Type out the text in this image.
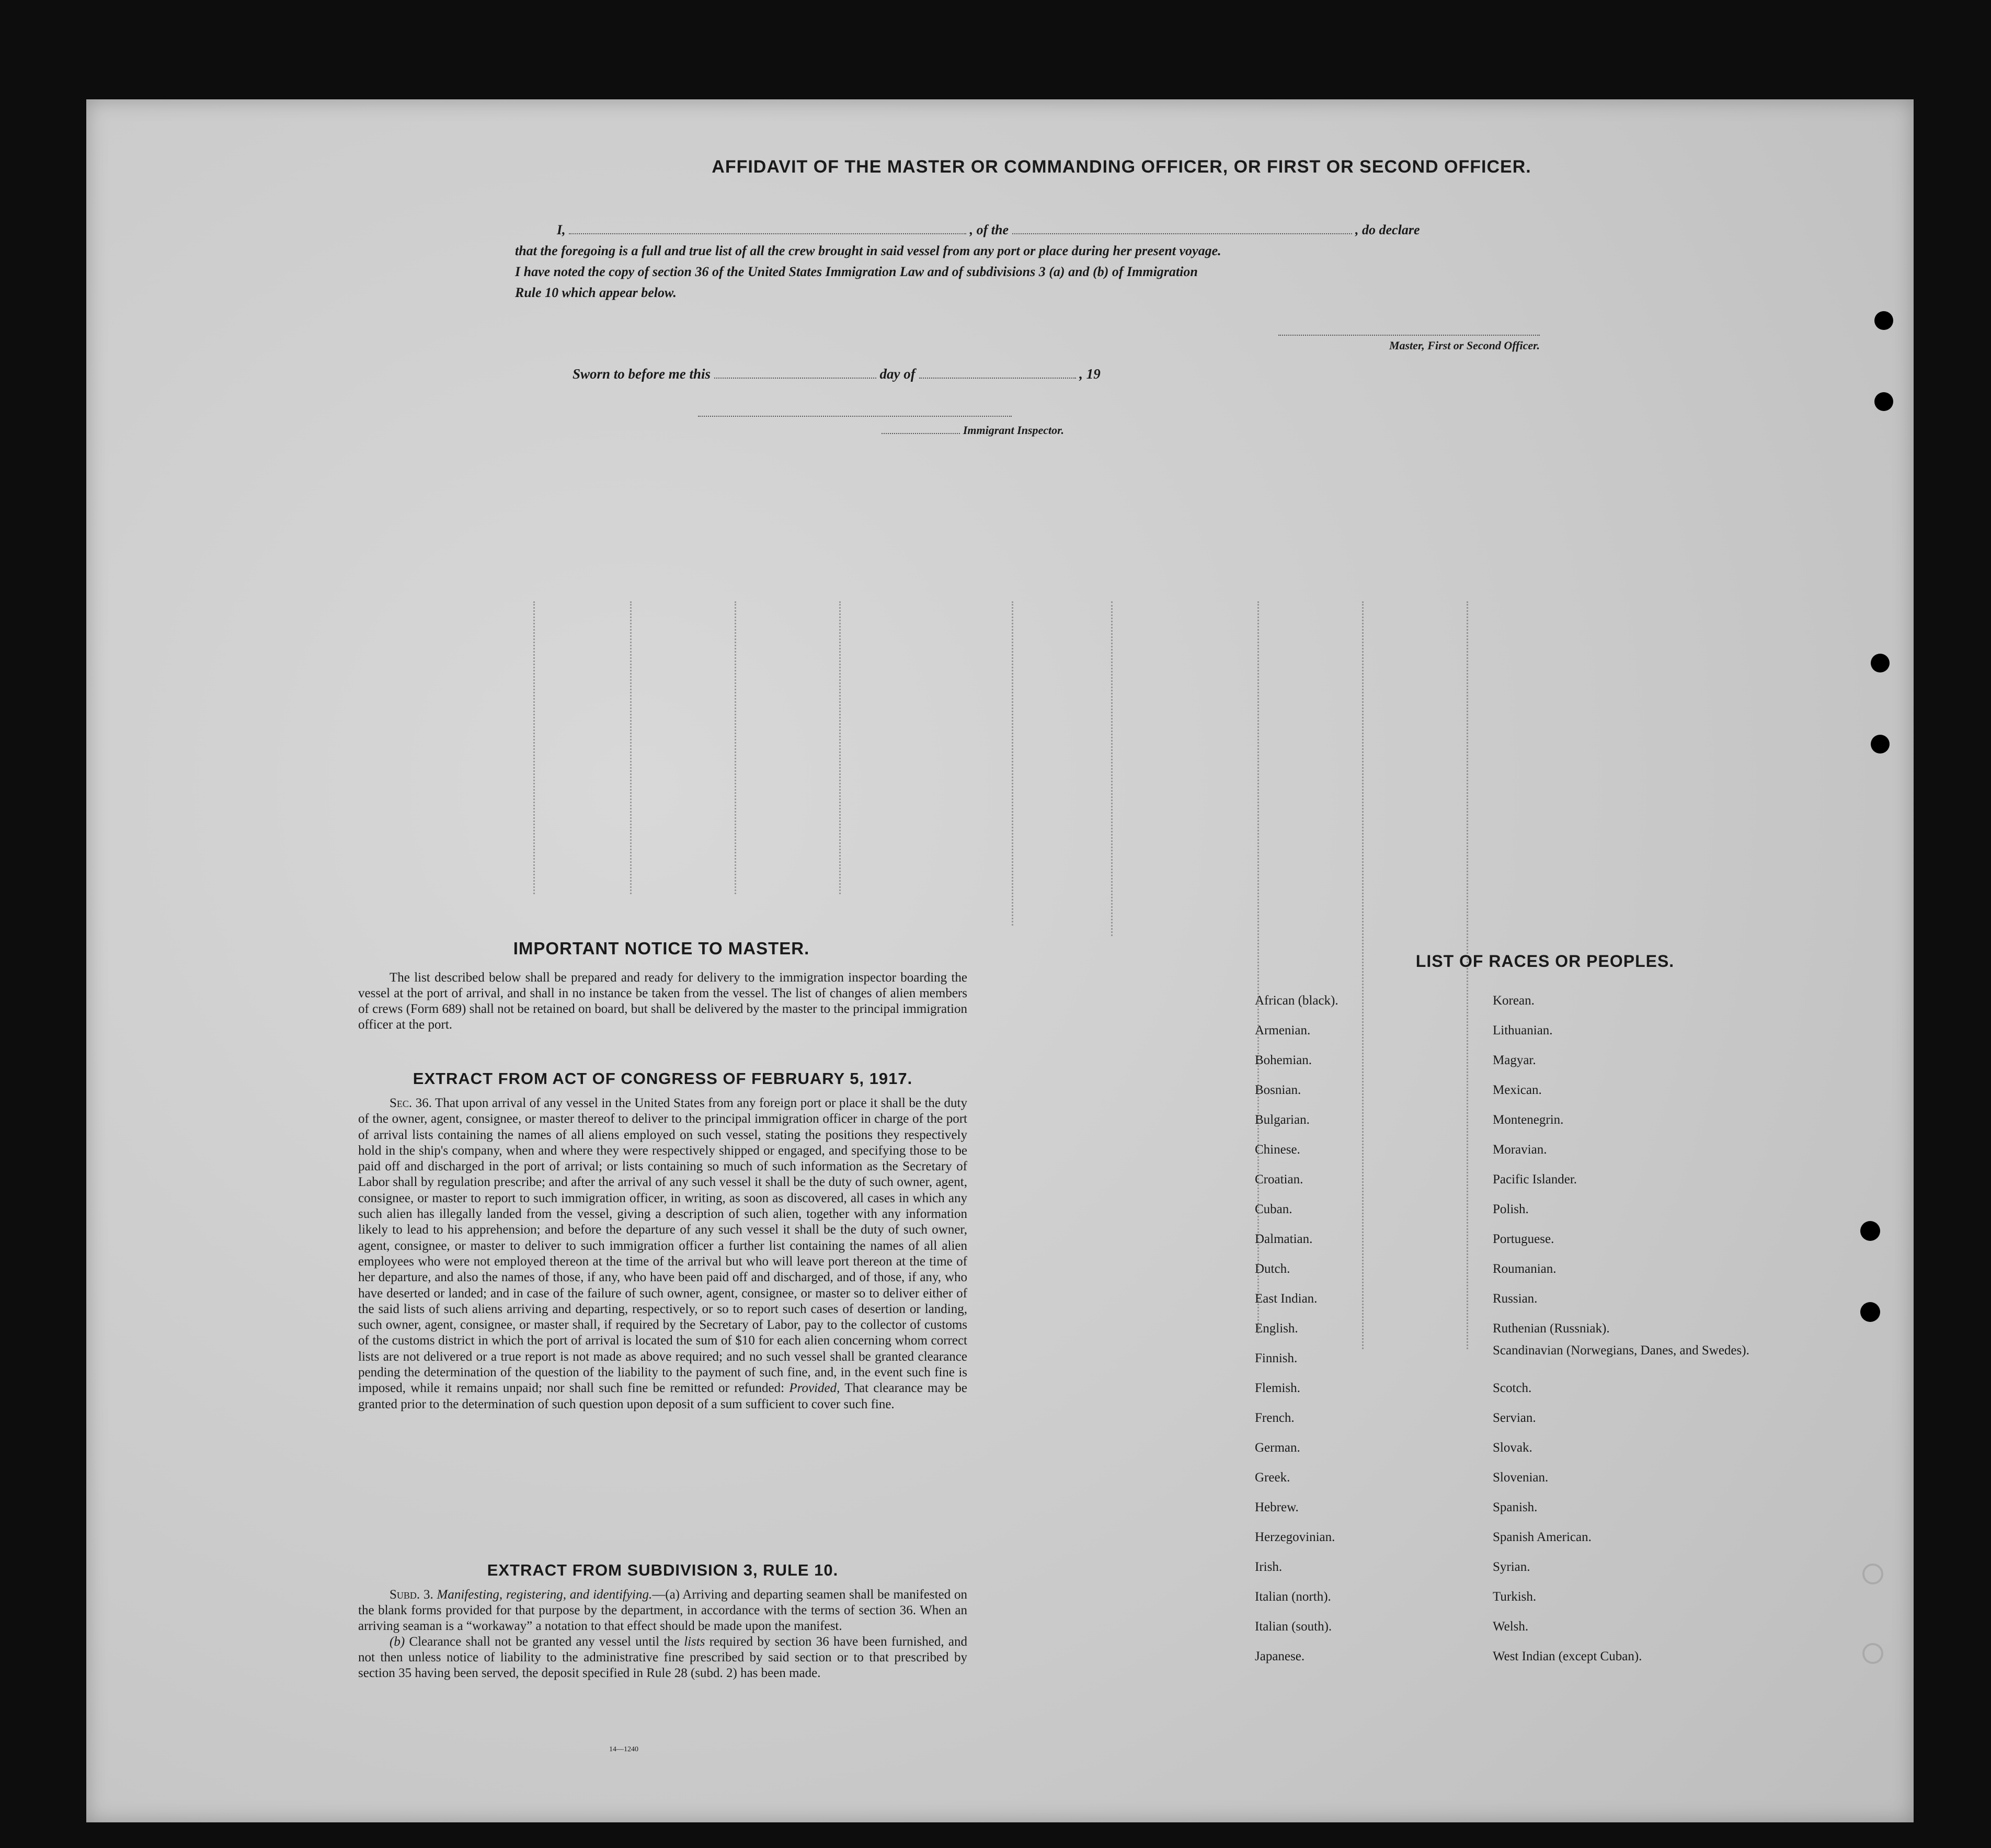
AFFIDAVIT OF THE MASTER OR COMMANDING OFFICER, OR FIRST OR SECOND OFFICER.
I,	, of the	, do declare
that the foregoing is a full and true list of all the crew brought in said vessel from any port or place during her present voyage.
I have noted the copy of section 36 of the United States Immigration Law and of subdivisions 3 (a) and (b) of Immigration
Rule 10 which appear below.
Master, First or Second Officer.
Sworn to before me this	day of	, 19
Immigrant Inspector.
IMPORTANT NOTICE TO MASTER.
The list described below shall be prepared and ready for delivery to the immigration inspector boarding the vessel at the port of arrival, and shall in no instance be taken from the vessel. The list of changes of alien members of crews (Form 689) shall not be retained on board, but shall be delivered by the master to the principal immigration officer at the port.
EXTRACT FROM ACT OF CONGRESS OF FEBRUARY 5, 1917.
Sec. 36. That upon arrival of any vessel in the United States from any foreign port or place it shall be the duty of the owner, agent, consignee, or master thereof to deliver to the principal immigration officer in charge of the port of arrival lists containing the names of all aliens employed on such vessel, stating the positions they respectively hold in the ship's company, when and where they were respectively shipped or engaged, and specifying those to be paid off and discharged in the port of arrival; or lists containing so much of such information as the Secretary of Labor shall by regulation prescribe; and after the arrival of any such vessel it shall be the duty of such owner, agent, consignee, or master to report to such immigration officer, in writing, as soon as discovered, all cases in which any such alien has illegally landed from the vessel, giving a description of such alien, together with any information likely to lead to his apprehension; and before the departure of any such vessel it shall be the duty of such owner, agent, consignee, or master to deliver to such immigration officer a further list containing the names of all alien employees who were not employed thereon at the time of the arrival but who will leave port thereon at the time of her departure, and also the names of those, if any, who have been paid off and discharged, and of those, if any, who have deserted or landed; and in case of the failure of such owner, agent, consignee, or master so to deliver either of the said lists of such aliens arriving and departing, respectively, or so to report such cases of desertion or landing, such owner, agent, consignee, or master shall, if required by the Secretary of Labor, pay to the collector of customs of the customs district in which the port of arrival is located the sum of $10 for each alien concerning whom correct lists are not delivered or a true report is not made as above required; and no such vessel shall be granted clearance pending the determination of the question of the liability to the payment of such fine, and, in the event such fine is imposed, while it remains unpaid; nor shall such fine be remitted or refunded: Provided, That clearance may be granted prior to the determination of such question upon deposit of a sum sufficient to cover such fine.
EXTRACT FROM SUBDIVISION 3, RULE 10.

Subd. 3. Manifesting, registering, and identifying.—(a) Arriving and departing seamen shall be manifested on the blank forms provided for that purpose by the department, in accordance with the terms of section 36. When an arriving seaman is a “workaway” a notation to that effect should be made upon the manifest.

(b) Clearance shall not be granted any vessel until the lists required by section 36 have been furnished, and not then unless notice of liability to the administrative fine prescribed by said section or to that prescribed by section 35 having been served, the deposit specified in Rule 28 (subd. 2) has been made.

14—1240
LIST OF RACES OR PEOPLES.
African (black).
Armenian.
Bohemian.
Bosnian.
Bulgarian.
Chinese.
Croatian.
Cuban.
Dalmatian.
Dutch.
East Indian.
English.
Finnish.
Flemish.
French.
German.
Greek.
Hebrew.
Herzegovinian.
Irish.
Italian (north).
Italian (south).
Japanese.
Korean.
Lithuanian.
Magyar.
Mexican.
Montenegrin.
Moravian.
Pacific Islander.
Polish.
Portuguese.
Roumanian.
Russian.
Ruthenian (Russniak).
Scandinavian (Norwegians, Danes, and Swedes).
Scotch.
Servian.
Slovak.
Slovenian.
Spanish.
Spanish American.
Syrian.
Turkish.
Welsh.
West Indian (except Cuban).
